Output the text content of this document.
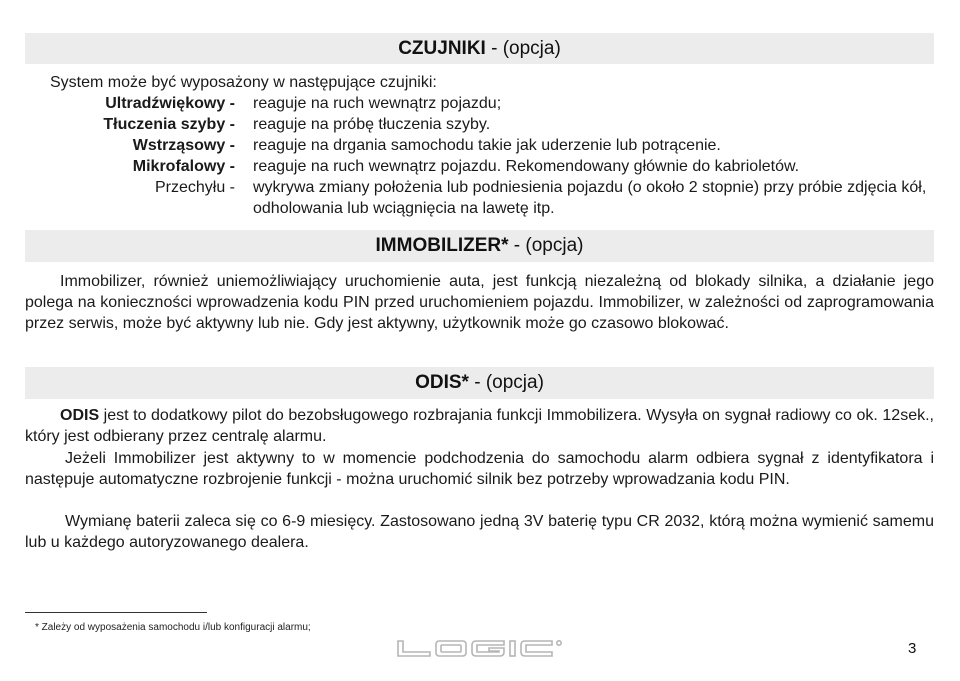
CZUJNIKI - (opcja)
System może być wyposażony w następujące czujniki:
Ultradźwiękowy - reaguje na ruch wewnątrz pojazdu;
Tłuczenia szyby - reaguje na próbę tłuczenia szyby.
Wstrząsowy - reaguje na drgania samochodu takie jak uderzenie lub potrącenie.
Mikrofalowy - reaguje na ruch wewnątrz pojazdu. Rekomendowany głównie do kabrioletów.
Przechyłu - wykrywa zmiany położenia lub podniesienia pojazdu (o około 2 stopnie) przy próbie zdjęcia kół, odholowania lub wciągnięcia na lawetę itp.
IMMOBILIZER* - (opcja)
Immobilizer, również uniemożliwiający uruchomienie auta, jest funkcją niezależną od blokady silnika, a działanie jego polega na konieczności wprowadzenia kodu PIN przed uruchomieniem pojazdu. Immobilizer, w zależności od zaprogramowania przez serwis, może być aktywny lub nie. Gdy jest aktywny, użytkownik może go czasowo blokować.
ODIS* - (opcja)
ODIS jest to dodatkowy pilot do bezobsługowego rozbrajania funkcji Immobilizera. Wysyła on sygnał radiowy co ok. 12sek., który jest odbierany przez centralę alarmu.
Jeżeli Immobilizer jest aktywny to w momencie podchodzenia do samochodu alarm odbiera sygnał z identyfikatora i następuje automatyczne rozbrojenie funkcji - można uruchomić silnik bez potrzeby wprowadzania kodu PIN.
Wymianę baterii zaleca się co 6-9 miesięcy. Zastosowano jedną 3V baterię typu CR 2032, którą można wymienić samemu lub u każdego autoryzowanego dealera.
* Zależy od wyposażenia samochodu i/lub konfiguracji alarmu;
3
